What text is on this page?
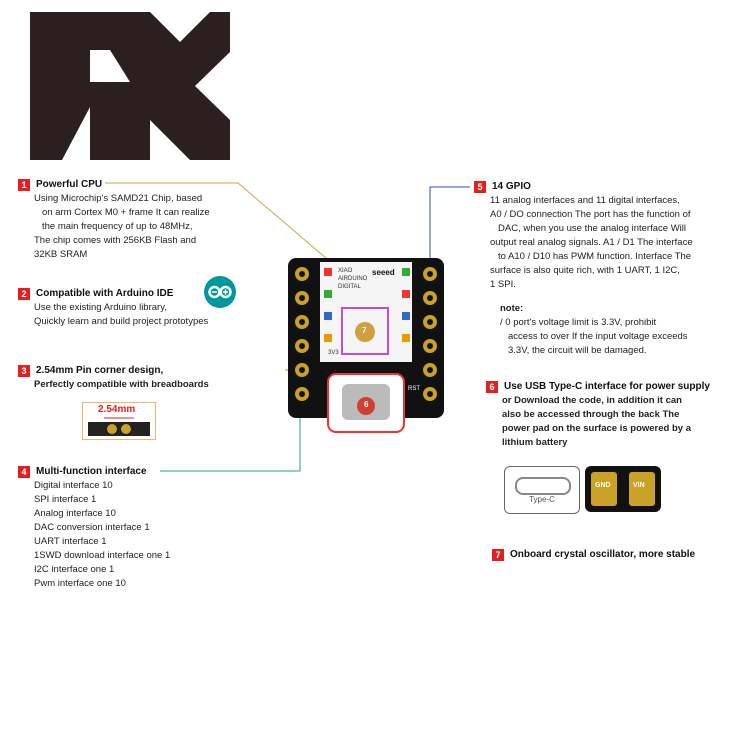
7
6
seeed
XIAO
AIRDUINO
DIGITAL
3V3
RST
1 Powerful CPU
Using Microchip's SAMD21 Chip, based
on arm Cortex M0 + frame It can realize
the main frequency of up to 48MHz,
The chip comes with 256KB Flash and
32KB SRAM
2 Compatible with Arduino IDE
Use the existing Arduino library,
Quickly learn and build project prototypes
3 2.54mm Pin corner design,
Perfectly compatible with breadboards
2.54mm
4 Multi-function interface
Digital interface 10
SPI interface 1
Analog interface 10
DAC conversion interface 1
UART interface 1
1SWD download interface one 1
I2C interface one 1
Pwm interface one 10
5 14 GPIO
11 analog interfaces and 11 digital interfaces,
A0 / DO connection The port has the function of
DAC, when you use the analog interface Will
output real analog signals. A1 / D1 The interface
to A10 / D10 has PWM function. Interface The
surface is also quite rich, with 1 UART, 1 I2C,
1 SPI.
note:
/ 0 port's voltage limit is 3.3V, prohibit
access to over If the input voltage exceeds
3.3V, the circuit will be damaged.
6 Use USB Type-C interface for power supply
or Download the code, in addition it can
also be accessed through the back The
power pad on the surface is powered by a
lithium battery
Type-C
GND	VIN
7 Onboard crystal oscillator, more stable
